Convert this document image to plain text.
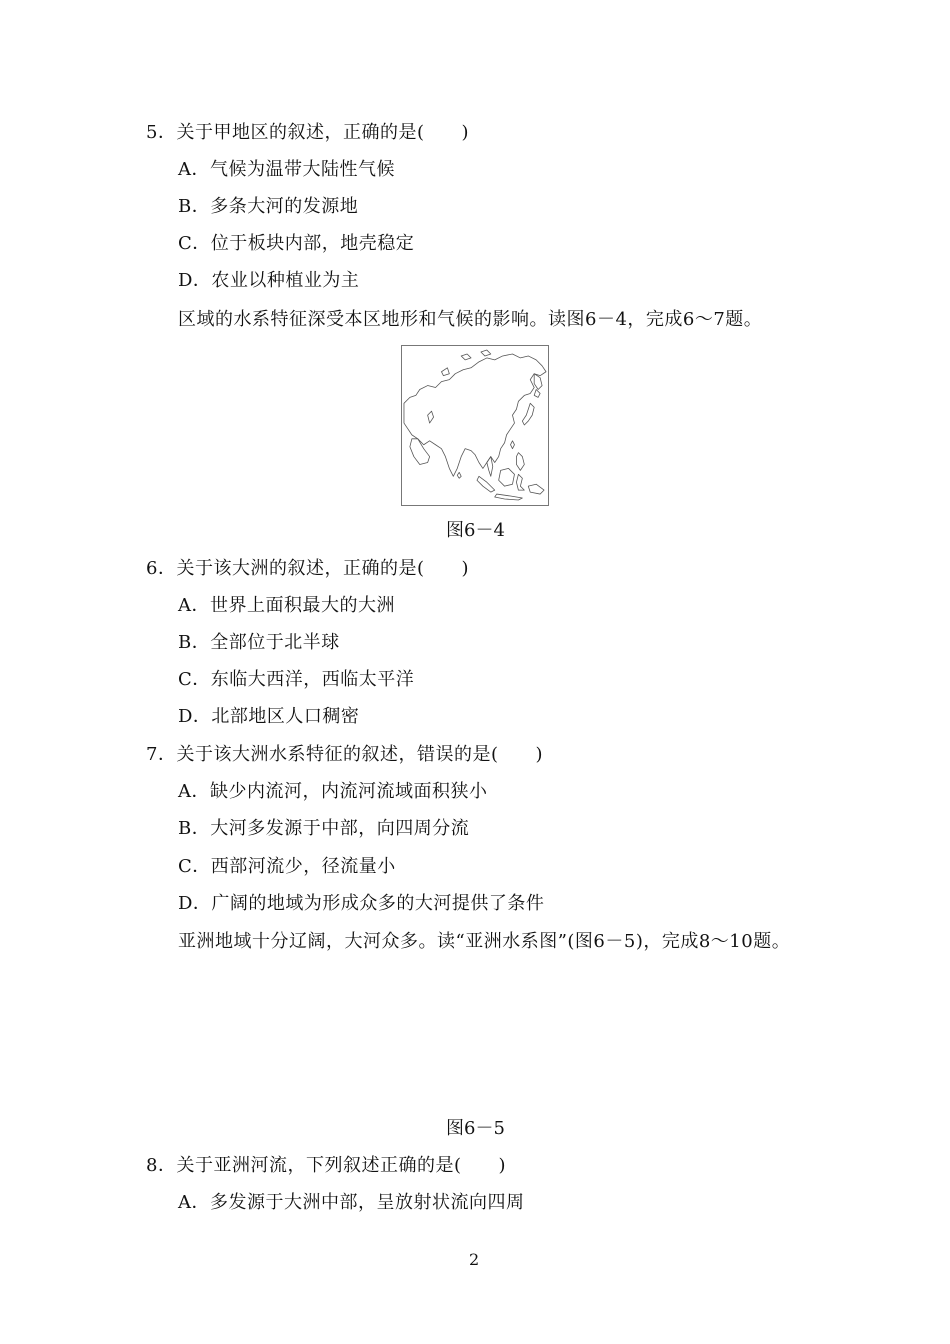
5．关于甲地区的叙述，正确的是(　　)
A．气候为温带大陆性气候
B．多条大河的发源地
C．位于板块内部，地壳稳定
D．农业以种植业为主
区域的水系特征深受本区地形和气候的影响。读图6－4，完成6～7题。
图6－4
6．关于该大洲的叙述，正确的是(　　)
A．世界上面积最大的大洲
B．全部位于北半球
C．东临大西洋，西临太平洋
D．北部地区人口稠密
7．关于该大洲水系特征的叙述，错误的是(　　)
A．缺少内流河，内流河流域面积狭小
B．大河多发源于中部，向四周分流
C．西部河流少，径流量小
D．广阔的地域为形成众多的大河提供了条件
亚洲地域十分辽阔，大河众多。读“亚洲水系图”(图6－5)，完成8～10题。
图6－5
8．关于亚洲河流，下列叙述正确的是(　　)
A．多发源于大洲中部，呈放射状流向四周
2
